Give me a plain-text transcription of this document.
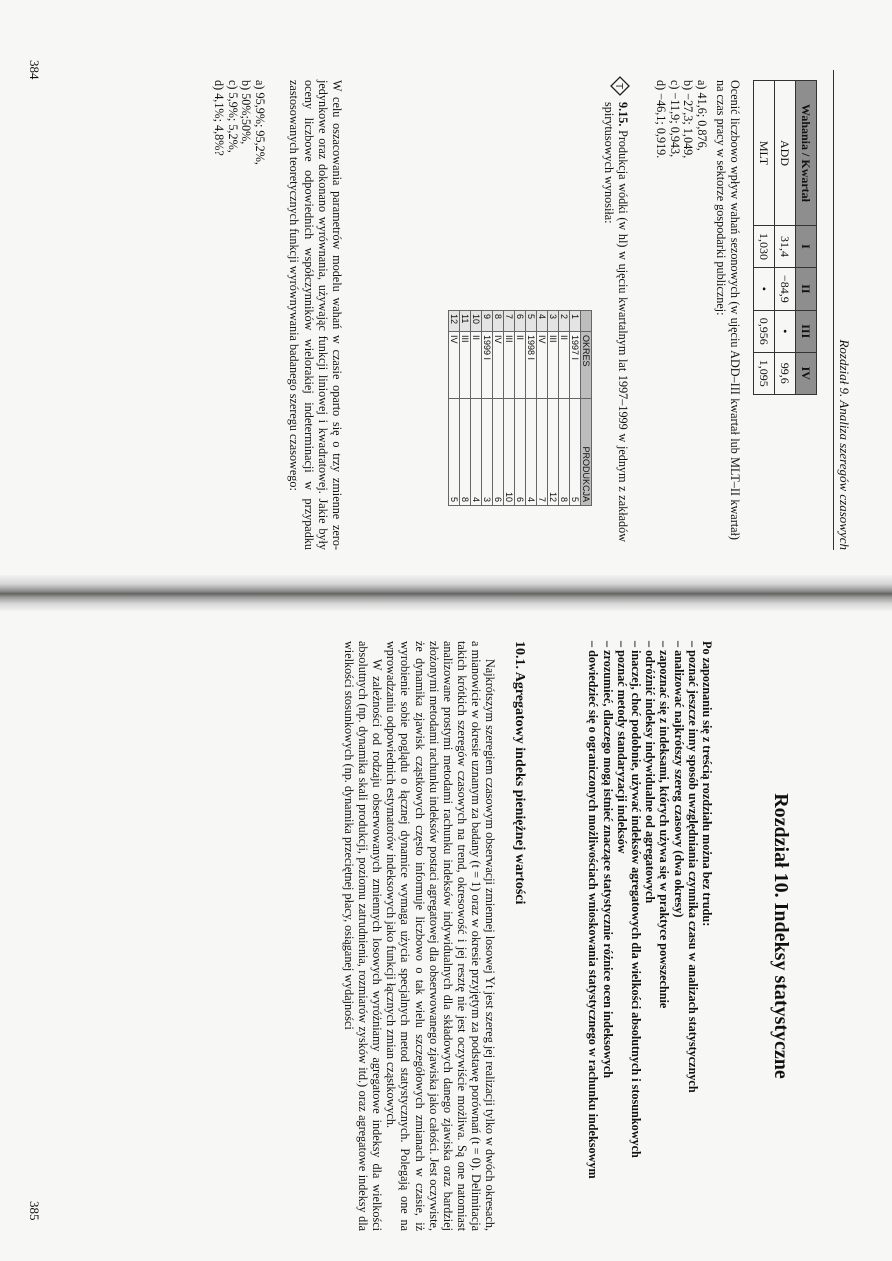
Rozdział 9. Analiza szeregów czasowych
Wahania / Kwartał	I	II	III	IV
ADD	31,4	−84,9	•	99,6
MLT	1,030	•	0,956	1,095
Ocenić liczbowo wpływ wahań sezonowych (w ujęciu ADD–III kwartał lub MLT–II kwartał) na czas pracy w sektorze gospodarki publicznej:
a) 41,6; 0,876,
b) −27,3; 1,049,
c) −11,9; 0,943,
d) −46,1; 0,919.
T
9.15. Produkcja wódki (w hl) w ujęciu kwartalnym lat 1997–1999 w jednym z zakładów spirytusowych wynosiła:
	OKRES	PRODUKCJA
1	1997 I	5
2	II	8
3	III	12
4	IV	7
5	1998 I	4
6	II	6
7	III	10
8	IV	6
9	1999 I	3
10	II	4
11	III	8
12	IV	5
W celu oszacowania parametrów modelu wahań w czasie oparto się o trzy zmienne zero-jedynkowe oraz dokonano wyrównania, używając funkcji liniowej i kwadratowej. Jakie były oceny liczbowe odpowiednich współczynników wielorakiej indeterminacji w przypadku zastosowanych teoretycznych funkcji wyrównywania badanego szeregu czasowego:
a) 95,9%; 95,2%,
b) 50%;50%,
c) 5,9%; 5,2%,
d) 4,1%; 4,8%?
384
Rozdział 10. Indeksy statystyczne
Po zapoznaniu się z treścią rozdziału można bez trudu:
– poznać jeszcze inny sposób uwzględniania czynnika czasu w analizach statystycznych
– analizować najkrótszy szereg czasowy (dwa okresy)
– zapoznać się z indeksami, których używa się w praktyce powszechnie
– odróżnić indeksy indywidualne od agregatowych
– inaczej, choć podobnie, używać indeksów agregatowych dla wielkości absolutnych i stosunkowych
– poznać metody standaryzacji indeksów
– zrozumieć, dlaczego mogą istnieć znaczące statystycznie różnice ocen indeksowych
– dowiedzieć się o ograniczonych możliwościach wnioskowania statystycznego w rachunku indeksowym
10.1. Agregatowy indeks pieniężnej wartości

Najkrótszym szeregiem czasowym obserwacji zmiennej losowej Yt jest szereg jej realizacji tylko w dwóch okresach, a mianowicie w okresie uznanym za badany (t = 1) oraz w okresie przyjętym za podstawę porównań (t = 0). Delimitacja takich krótkich szeregów czasowych na trend, okresowość i jej resztę nie jest oczywiście możliwa. Są one natomiast analizowane prostymi metodami rachunku indeksów indywidualnych dla składowych danego zjawiska oraz bardziej złożonymi metodami rachunku indeksów postaci agregatowej dla obserwowanego zjawiska jako całości. Jest oczywiste, że dynamika zjawisk cząstkowych często informuje liczbowo o tak wielu szczegółowych zmianach w czasie, iż wyrobienie sobie poglądu o łącznej dynamice wymaga użycia specjalnych metod statystycznych. Polegają one na wprowadzaniu odpowiednich estymatorów indeksowych jako funkcji łącznych zmian cząstkowych.

W zależności od rodzaju obserwowanych zmiennych losowych wyróżniamy agregatowe indeksy dla wielkości absolutnych (np. dynamika skali produkcji, poziomu zatrudnienia, rozmiarów zysków itd.) oraz agregatowe indeksy dla wielkości stosunkowych (np. dynamika przeciętnej płacy, osiąganej wydajności

385
